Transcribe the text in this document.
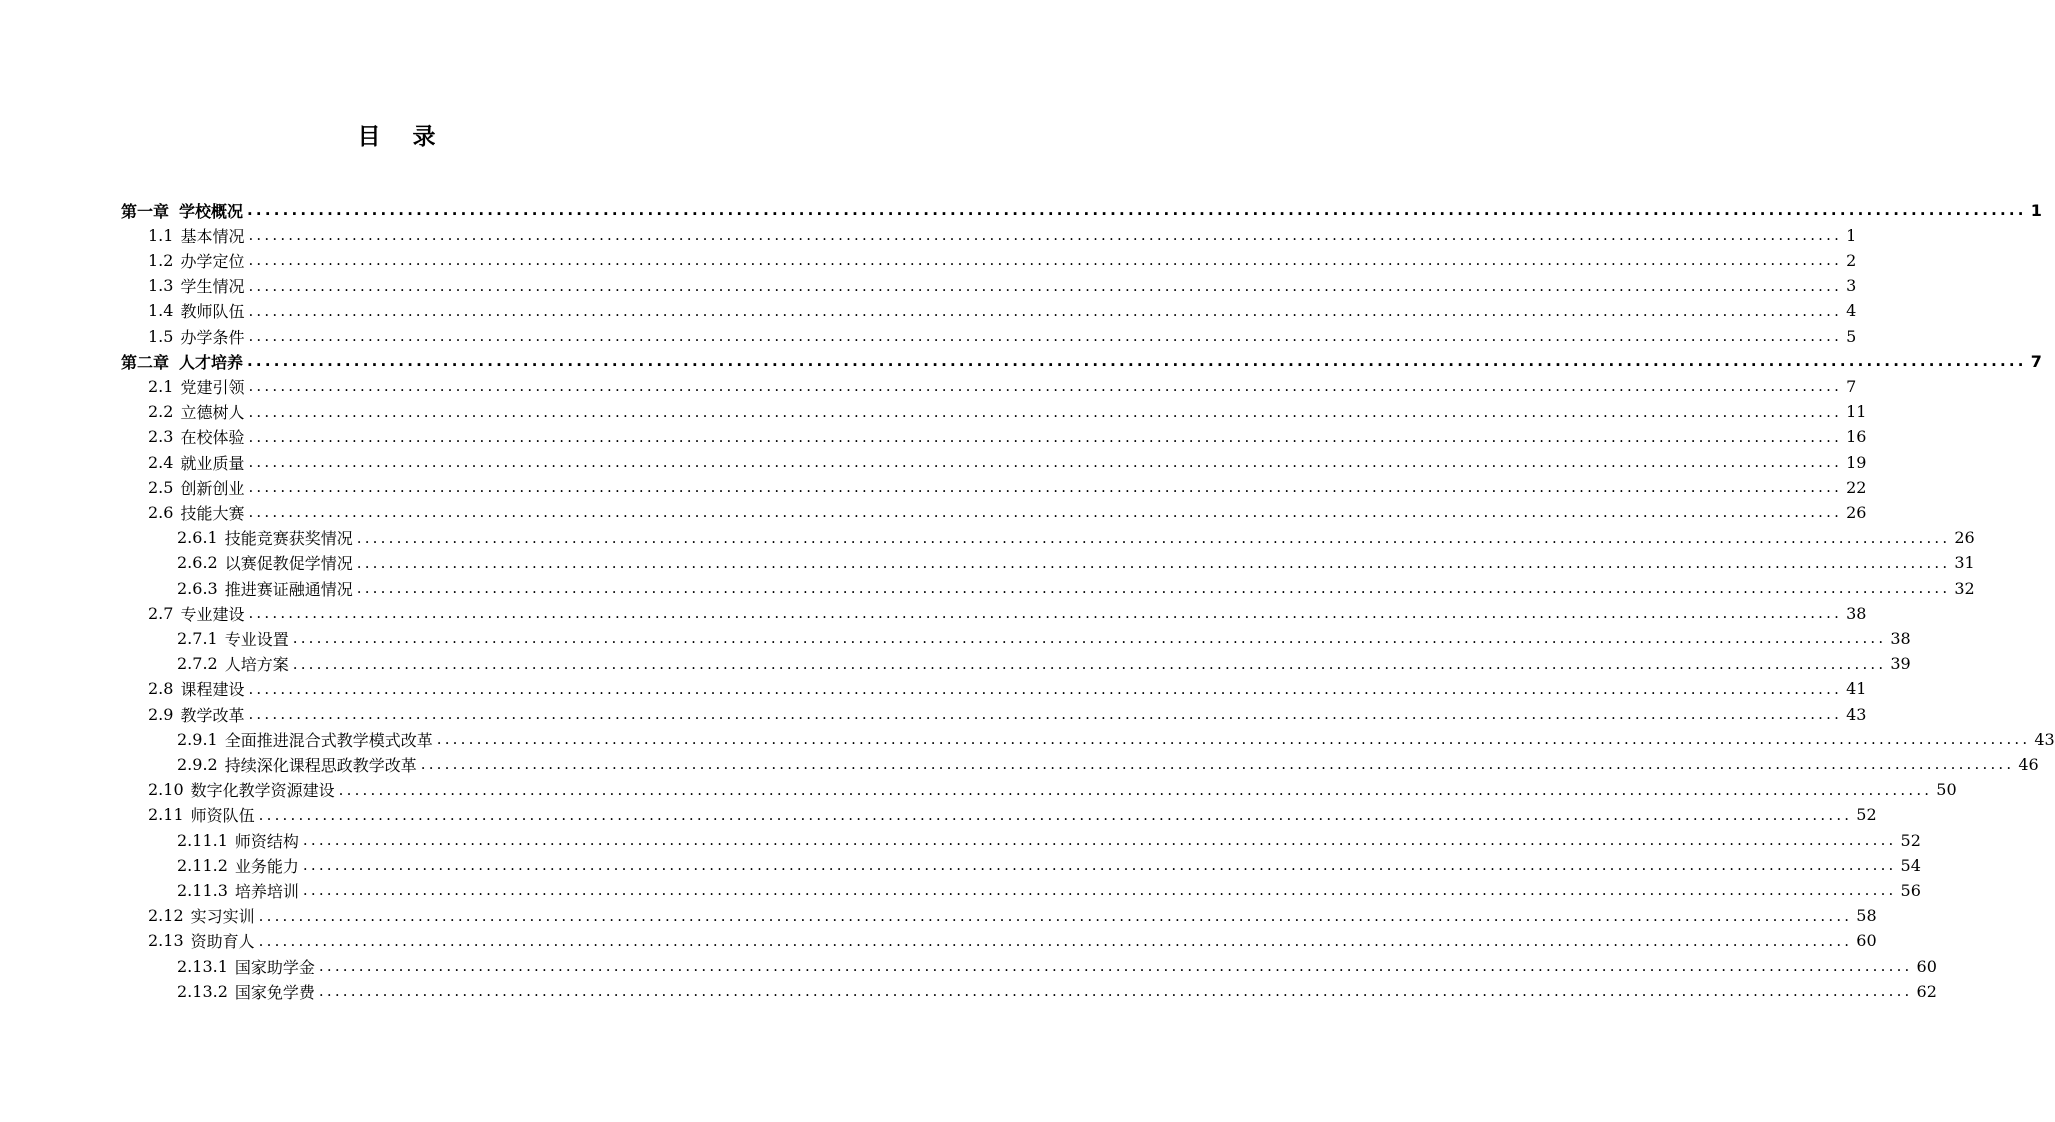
目 录
第一章 学校概况 ........................................................................................................................................................................................................ 1
1.1 基本情况 ........................................................................................................................................................................................................ 1
1.2 办学定位 ........................................................................................................................................................................................................ 2
1.3 学生情况 ........................................................................................................................................................................................................ 3
1.4 教师队伍 ........................................................................................................................................................................................................ 4
1.5 办学条件 ........................................................................................................................................................................................................ 5
第二章 人才培养 ........................................................................................................................................................................................................ 7
2.1 党建引领 ........................................................................................................................................................................................................ 7
2.2 立德树人 ........................................................................................................................................................................................................ 11
2.3 在校体验 ........................................................................................................................................................................................................ 16
2.4 就业质量 ........................................................................................................................................................................................................ 19
2.5 创新创业 ........................................................................................................................................................................................................ 22
2.6 技能大赛 ........................................................................................................................................................................................................ 26
2.6.1 技能竞赛获奖情况 ........................................................................................................................................................................................................ 26
2.6.2 以赛促教促学情况 ........................................................................................................................................................................................................ 31
2.6.3 推进赛证融通情况 ........................................................................................................................................................................................................ 32
2.7 专业建设 ........................................................................................................................................................................................................ 38
2.7.1 专业设置 ........................................................................................................................................................................................................ 38
2.7.2 人培方案 ........................................................................................................................................................................................................ 39
2.8 课程建设 ........................................................................................................................................................................................................ 41
2.9 教学改革 ........................................................................................................................................................................................................ 43
2.9.1 全面推进混合式教学模式改革 ........................................................................................................................................................................................................ 43
2.9.2 持续深化课程思政教学改革 ........................................................................................................................................................................................................ 46
2.10 数字化教学资源建设 ........................................................................................................................................................................................................ 50
2.11 师资队伍 ........................................................................................................................................................................................................ 52
2.11.1 师资结构 ........................................................................................................................................................................................................ 52
2.11.2 业务能力 ........................................................................................................................................................................................................ 54
2.11.3 培养培训 ........................................................................................................................................................................................................ 56
2.12 实习实训 ........................................................................................................................................................................................................ 58
2.13 资助育人 ........................................................................................................................................................................................................ 60
2.13.1 国家助学金 ........................................................................................................................................................................................................ 60
2.13.2 国家免学费 ........................................................................................................................................................................................................ 62
